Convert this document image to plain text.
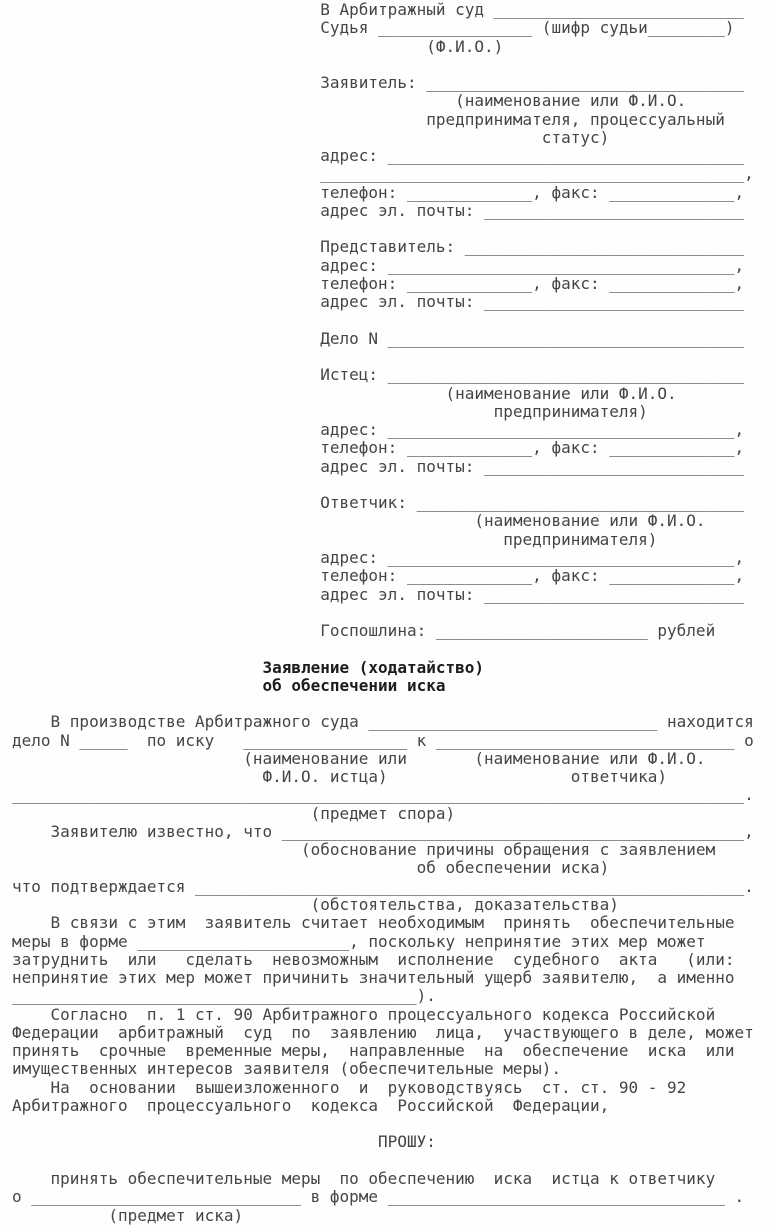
В Арбитражный суд __________________________
Судья ________________ (шифр судьи________)
(Ф.И.О.)
Заявитель: _________________________________
(наименование или Ф.И.О.
предпринимателя, процессуальный
статус)
адрес: _____________________________________
____________________________________________,
телефон: _____________, факс: _____________,
адрес эл. почты: ___________________________
Представитель: _____________________________
адрес: ____________________________________,
телефон: _____________, факс: _____________,
адрес эл. почты: ___________________________
Дело N _____________________________________
Истец: _____________________________________
(наименование или Ф.И.О.
предпринимателя)
адрес: ____________________________________,
телефон: _____________, факс: _____________,
адрес эл. почты: ___________________________
Ответчик: __________________________________
(наименование или Ф.И.О.
предпринимателя)
адрес: ____________________________________,
телефон: _____________, факс: _____________,
адрес эл. почты: ___________________________
Госпошлина: ______________________ рублей
Заявление (ходатайство)
об обеспечении иска
В производстве Арбитражного суда ______________________________ находится
дело N _____  по иску   _________________ к _______________________________ о
(наименование или       (наименование или Ф.И.О.
Ф.И.О. истца)                   ответчика)
____________________________________________________________________________.
(предмет спора)
Заявителю известно, что ________________________________________________,
(обоснование причины обращения с заявлением
об обеспечении иска)
что подтверждается _________________________________________________________.
(обстоятельства, доказательства)
В связи с этим  заявитель считает необходимым  принять  обеспечительные
меры в форме ______________________, поскольку непринятие этих мер может
затруднить  или   сделать  невозможным  исполнение  судебного  акта   (или:
непринятие этих мер может причинить значительный ущерб заявителю,  а именно
__________________________________________).
Согласно  п. 1 ст. 90 Арбитражного процессуального кодекса Российской
Федерации  арбитражный  суд  по  заявлению  лица,  участвующего в деле, может
принять  срочные  временные меры,  направленные  на  обеспечение  иска  или
имущественных интересов заявителя (обеспечительные меры).
На  основании  вышеизложенного  и  руководствуясь  ст. ст. 90 - 92
Арбитражного  процессуального  кодекса  Российской  Федерации,
ПРОШУ:
принять обеспечительные меры  по обеспечению  иска  истца к ответчику
о ____________________________ в форме ___________________________________ .
(предмет иска)
